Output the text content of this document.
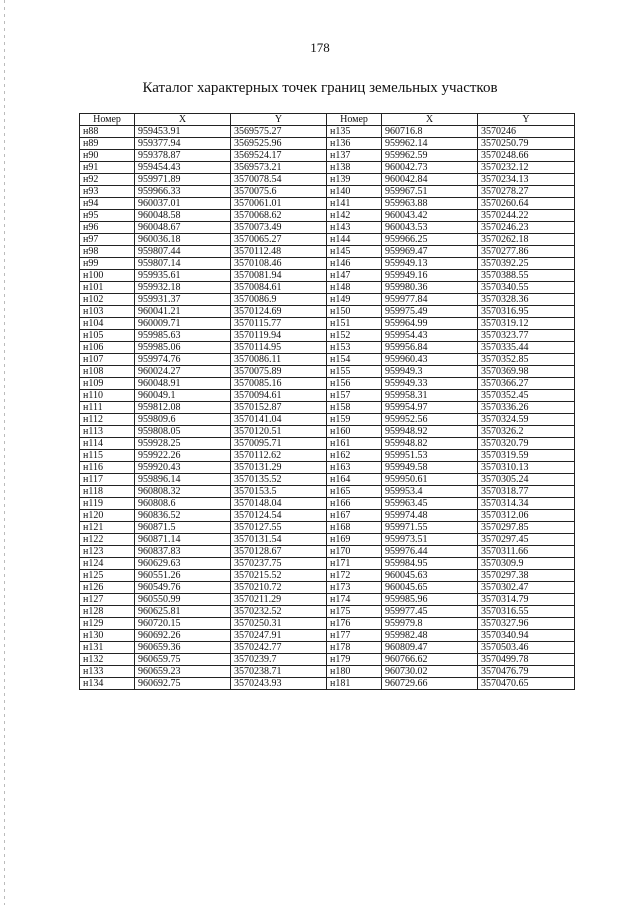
178
Каталог характерных точек границ земельных участков
Номер	X	Y	Номер	X	Y
н88	959453.91	3569575.27	н135	960716.8	3570246
н89	959377.94	3569525.96	н136	959962.14	3570250.79
н90	959378.87	3569524.17	н137	959962.59	3570248.66
н91	959454.43	3569573.21	н138	960042.73	3570232.12
н92	959971.89	3570078.54	н139	960042.84	3570234.13
н93	959966.33	3570075.6	н140	959967.51	3570278.27
н94	960037.01	3570061.01	н141	959963.88	3570260.64
н95	960048.58	3570068.62	н142	960043.42	3570244.22
н96	960048.67	3570073.49	н143	960043.53	3570246.23
н97	960036.18	3570065.27	н144	959966.25	3570262.18
н98	959807.44	3570112.48	н145	959969.47	3570277.86
н99	959807.14	3570108.46	н146	959949.13	3570392.25
н100	959935.61	3570081.94	н147	959949.16	3570388.55
н101	959932.18	3570084.61	н148	959980.36	3570340.55
н102	959931.37	3570086.9	н149	959977.84	3570328.36
н103	960041.21	3570124.69	н150	959975.49	3570316.95
н104	960009.71	3570115.77	н151	959964.99	3570319.12
н105	959985.63	3570119.94	н152	959954.43	3570323.77
н106	959985.06	3570114.95	н153	959956.84	3570335.44
н107	959974.76	3570086.11	н154	959960.43	3570352.85
н108	960024.27	3570075.89	н155	959949.3	3570369.98
н109	960048.91	3570085.16	н156	959949.33	3570366.27
н110	960049.1	3570094.61	н157	959958.31	3570352.45
н111	959812.08	3570152.87	н158	959954.97	3570336.26
н112	959809.6	3570141.04	н159	959952.56	3570324.59
н113	959808.05	3570120.51	н160	959948.92	3570326.2
н114	959928.25	3570095.71	н161	959948.82	3570320.79
н115	959922.26	3570112.62	н162	959951.53	3570319.59
н116	959920.43	3570131.29	н163	959949.58	3570310.13
н117	959896.14	3570135.52	н164	959950.61	3570305.24
н118	960808.32	3570153.5	н165	959953.4	3570318.77
н119	960808.6	3570148.04	н166	959963.45	3570314.34
н120	960836.52	3570124.54	н167	959974.48	3570312.06
н121	960871.5	3570127.55	н168	959971.55	3570297.85
н122	960871.14	3570131.54	н169	959973.51	3570297.45
н123	960837.83	3570128.67	н170	959976.44	3570311.66
н124	960629.63	3570237.75	н171	959984.95	3570309.9
н125	960551.26	3570215.52	н172	960045.63	3570297.38
н126	960549.76	3570210.72	н173	960045.65	3570302.47
н127	960550.99	3570211.29	н174	959985.96	3570314.79
н128	960625.81	3570232.52	н175	959977.45	3570316.55
н129	960720.15	3570250.31	н176	959979.8	3570327.96
н130	960692.26	3570247.91	н177	959982.48	3570340.94
н131	960659.36	3570242.77	н178	960809.47	3570503.46
н132	960659.75	3570239.7	н179	960766.62	3570499.78
н133	960659.23	3570238.71	н180	960730.02	3570476.79
н134	960692.75	3570243.93	н181	960729.66	3570470.65
